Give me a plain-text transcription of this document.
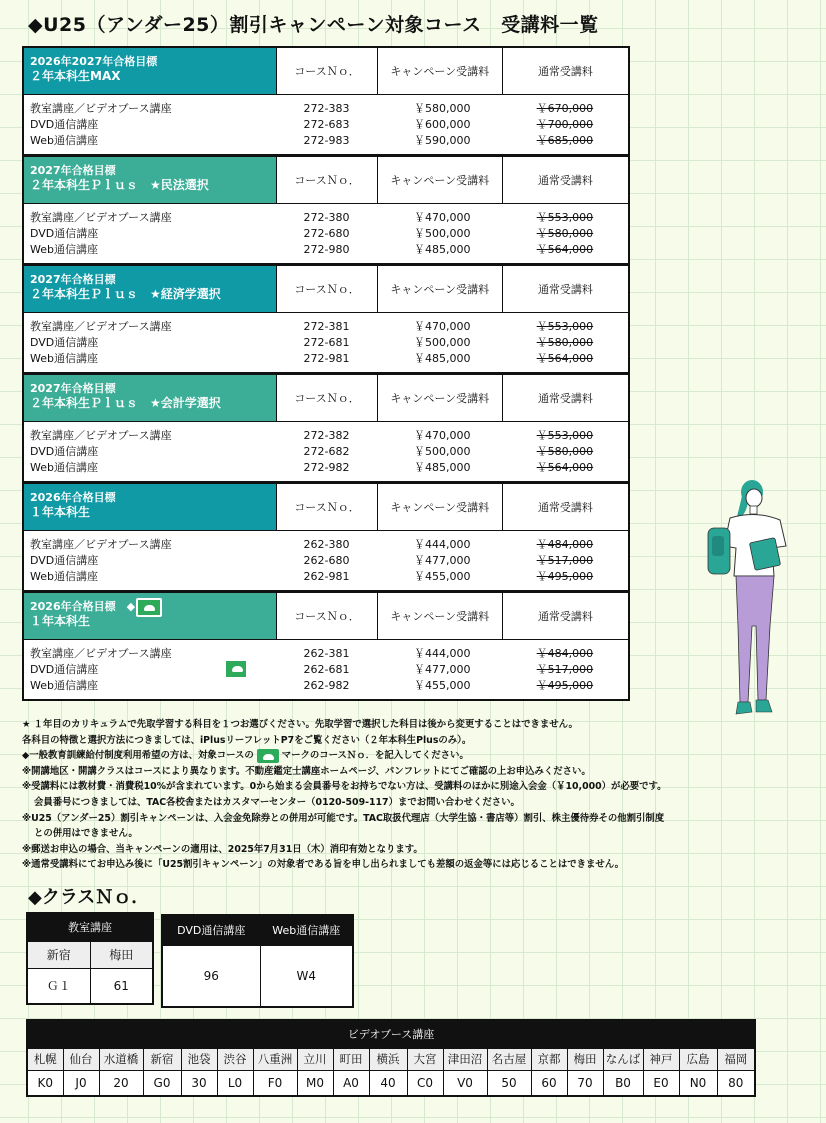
◆U25（アンダー25）割引キャンペーン対象コース　受講料一覧
2026年2027年合格目標
２年本科生MAX	コースＮｏ．	キャンペーン受講料	通常受講料
教室講座／ビデオブース講座	272-383	￥580,000	￥670,000
DVD通信講座	272-683	￥600,000	￥700,000
Web通信講座	272-983	￥590,000	￥685,000
2027年合格目標
２年本科生Ｐｌｕｓ　★民法選択	コースＮｏ．	キャンペーン受講料	通常受講料
教室講座／ビデオブース講座	272-380	￥470,000	￥553,000
DVD通信講座	272-680	￥500,000	￥580,000
Web通信講座	272-980	￥485,000	￥564,000
2027年合格目標
２年本科生Ｐｌｕｓ　★経済学選択	コースＮｏ．	キャンペーン受講料	通常受講料
教室講座／ビデオブース講座	272-381	￥470,000	￥553,000
DVD通信講座	272-681	￥500,000	￥580,000
Web通信講座	272-981	￥485,000	￥564,000
2027年合格目標
２年本科生Ｐｌｕｓ　★会計学選択	コースＮｏ．	キャンペーン受講料	通常受講料
教室講座／ビデオブース講座	272-382	￥470,000	￥553,000
DVD通信講座	272-682	￥500,000	￥580,000
Web通信講座	272-982	￥485,000	￥564,000
2026年合格目標
１年本科生	コースＮｏ．	キャンペーン受講料	通常受講料
教室講座／ビデオブース講座	262-380	￥444,000	￥484,000
DVD通信講座	262-680	￥477,000	￥517,000
Web通信講座	262-981	￥455,000	￥495,000
2026年合格目標　◆
１年本科生	コースＮｏ．	キャンペーン受講料	通常受講料
教室講座／ビデオブース講座	262-381	￥444,000	￥484,000
DVD通信講座	262-681	￥477,000	￥517,000
Web通信講座	262-982	￥455,000	￥495,000
★ １年目のカリキュラムで先取学習する科目を１つお選びください。先取学習で選択した科目は後から変更することはできません。
各科目の特徴と選択方法につきましては、iPlusリーフレットP7をご覧ください（２年本科生Plusのみ）。
◆一般教育訓練給付制度利用希望の方は、対象コースの	マークのコースＮｏ．を記入してください。
※開講地区・開講クラスはコースにより異なります。不動産鑑定士講座ホームページ、パンフレットにてご確認の上お申込みください。
※受講料には教材費・消費税10%が含まれています。0から始まる会員番号をお持ちでない方は、受講料のほかに別途入会金（￥10,000）が必要です。
会員番号につきましては、TAC各校舎またはカスタマーセンター（0120-509-117）までお問い合わせください。
※U25（アンダー25）割引キャンペーンは、入会金免除券との併用が可能です。TAC取扱代理店（大学生協・書店等）割引、株主優待券その他割引制度
との併用はできません。
※郵送お申込の場合、当キャンペーンの適用は、2025年7月31日（木）消印有効となります。
※通常受講料にてお申込み後に「U25割引キャンペーン」の対象者である旨を申し出られましても差額の返金等には応じることはできません。
◆クラスＮｏ．
教室講座	
新宿	梅田
Ｇ１	61
DVD通信講座	Web通信講座
96	W4
ビデオブース講座																		
札幌	仙台	水道橋	新宿	池袋	渋谷	八重洲	立川	町田	横浜	大宮	津田沼	名古屋	京都	梅田	なんば	神戸	広島	福岡
K0	J0	20	G0	30	L0	F0	M0	A0	40	C0	V0	50	60	70	B0	E0	N0	80
